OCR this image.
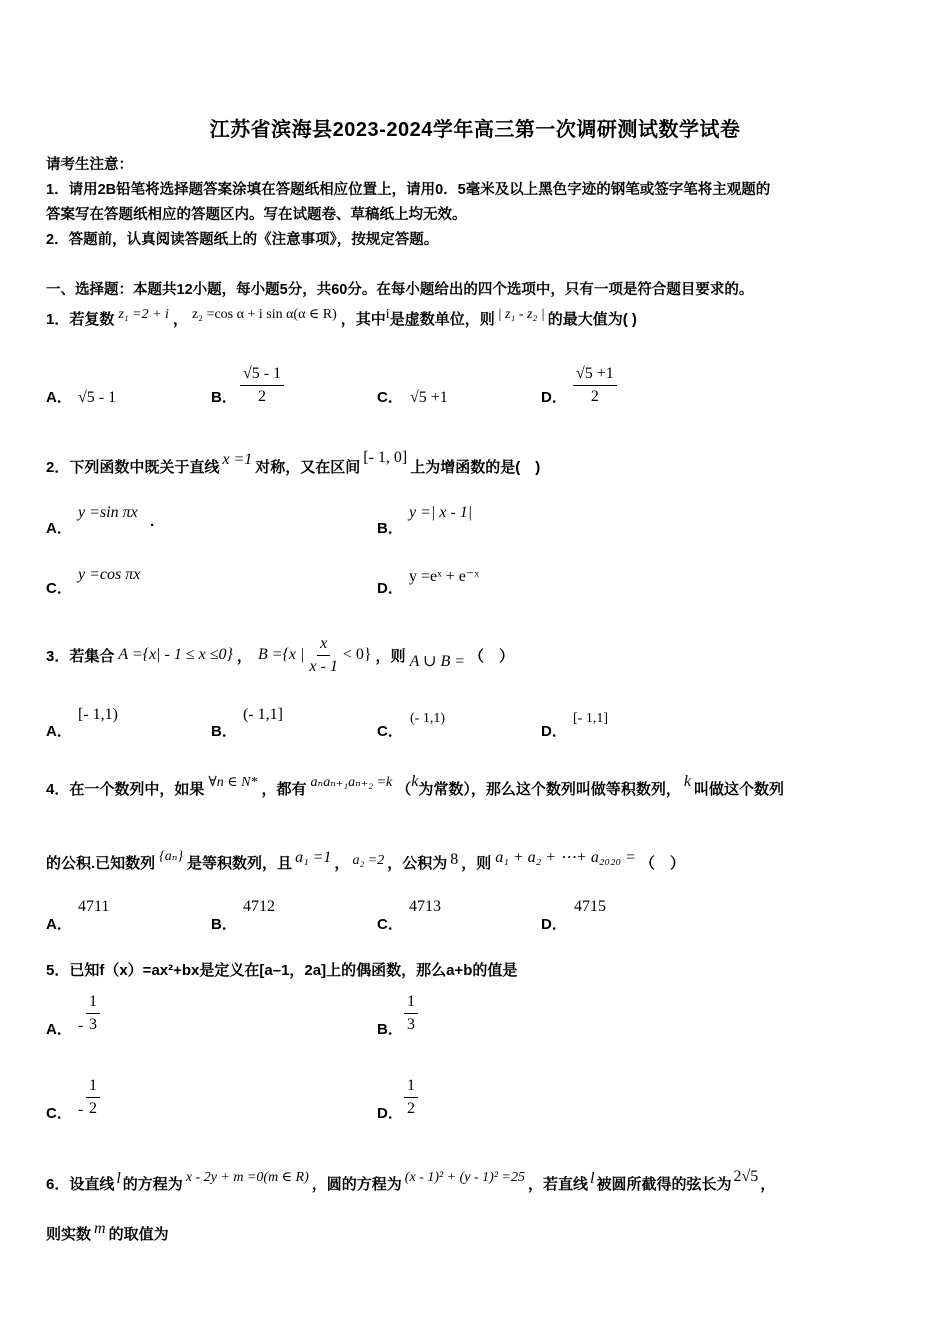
江苏省滨海县2023-2024学年高三第一次调研测试数学试卷
请考生注意：
1．请用2B铅笔将选择题答案涂填在答题纸相应位置上，请用0．5毫米及以上黑色字迹的钢笔或签字笔将主观题的
答案写在答题纸相应的答题区内。写在试题卷、草稿纸上均无效。
2．答题前，认真阅读答题纸上的《注意事项》，按规定答题。
一、选择题：本题共12小题，每小题5分，共60分。在每小题给出的四个选项中，只有一项是符合题目要求的。
1．若复数 z₁ =2 + i ， z₂ =cos α + i sin α(α ∈ R) ，其中 i 是虚数单位，则 | z₁ - z₂ | 的最大值为( )
A． √5 - 1	B． $\frac{√5 - 1}{2}$	C． √5 +1	D． $\frac{√5 +1}{2}$
2．下列函数中既关于直线 x =1 对称，又在区间
[- 1, 0]
上为增函数的是(　)
A．
y =sin πx
.	B．
y =| x - 1|
C．
y =cos πx
D．
y =eˣ + e⁻ˣ
3．若集合 A ={x| - 1 ≤ x ≤0} ， B ={x | $\frac{x}{x - 1} < 0$} ，则 A ∪ B = （　）
A．
[- 1,1)
B．
(- 1,1]
C．
(- 1,1)
D．
[- 1,1]
4．在一个数列中，如果 ∀n ∈ N* ，都有 aₙaₙ₊₁aₙ₊₂ =k （ k 为常数），那么这个数列叫做等积数列， k 叫做这个数列
的公积.已知数列 {aₙ} 是等积数列，且 a₁ =1 ， a₂ =2 ，公积为 8 ，则 a₁ + a₂ + ⋯+ a₂₀₂₀ = （　）
A．
4711
B．
4712
C．
4713
D．
4715
5．已知f（x）=ax²+bx是定义在[a–1，2a]上的偶函数，那么a+b的值是
A． - $\frac{1}{3}$	B． $\frac{1}{3}$
C． - $\frac{1}{2}$	D． $\frac{1}{2}$
6．设直线 l 的方程为 x - 2y + m =0(m ∈ R) ，圆的方程为 (x - 1)² + (y - 1)² =25 ，若直线 l 被圆所截得的弦长为 2√5 ，
则实数 m 的取值为
